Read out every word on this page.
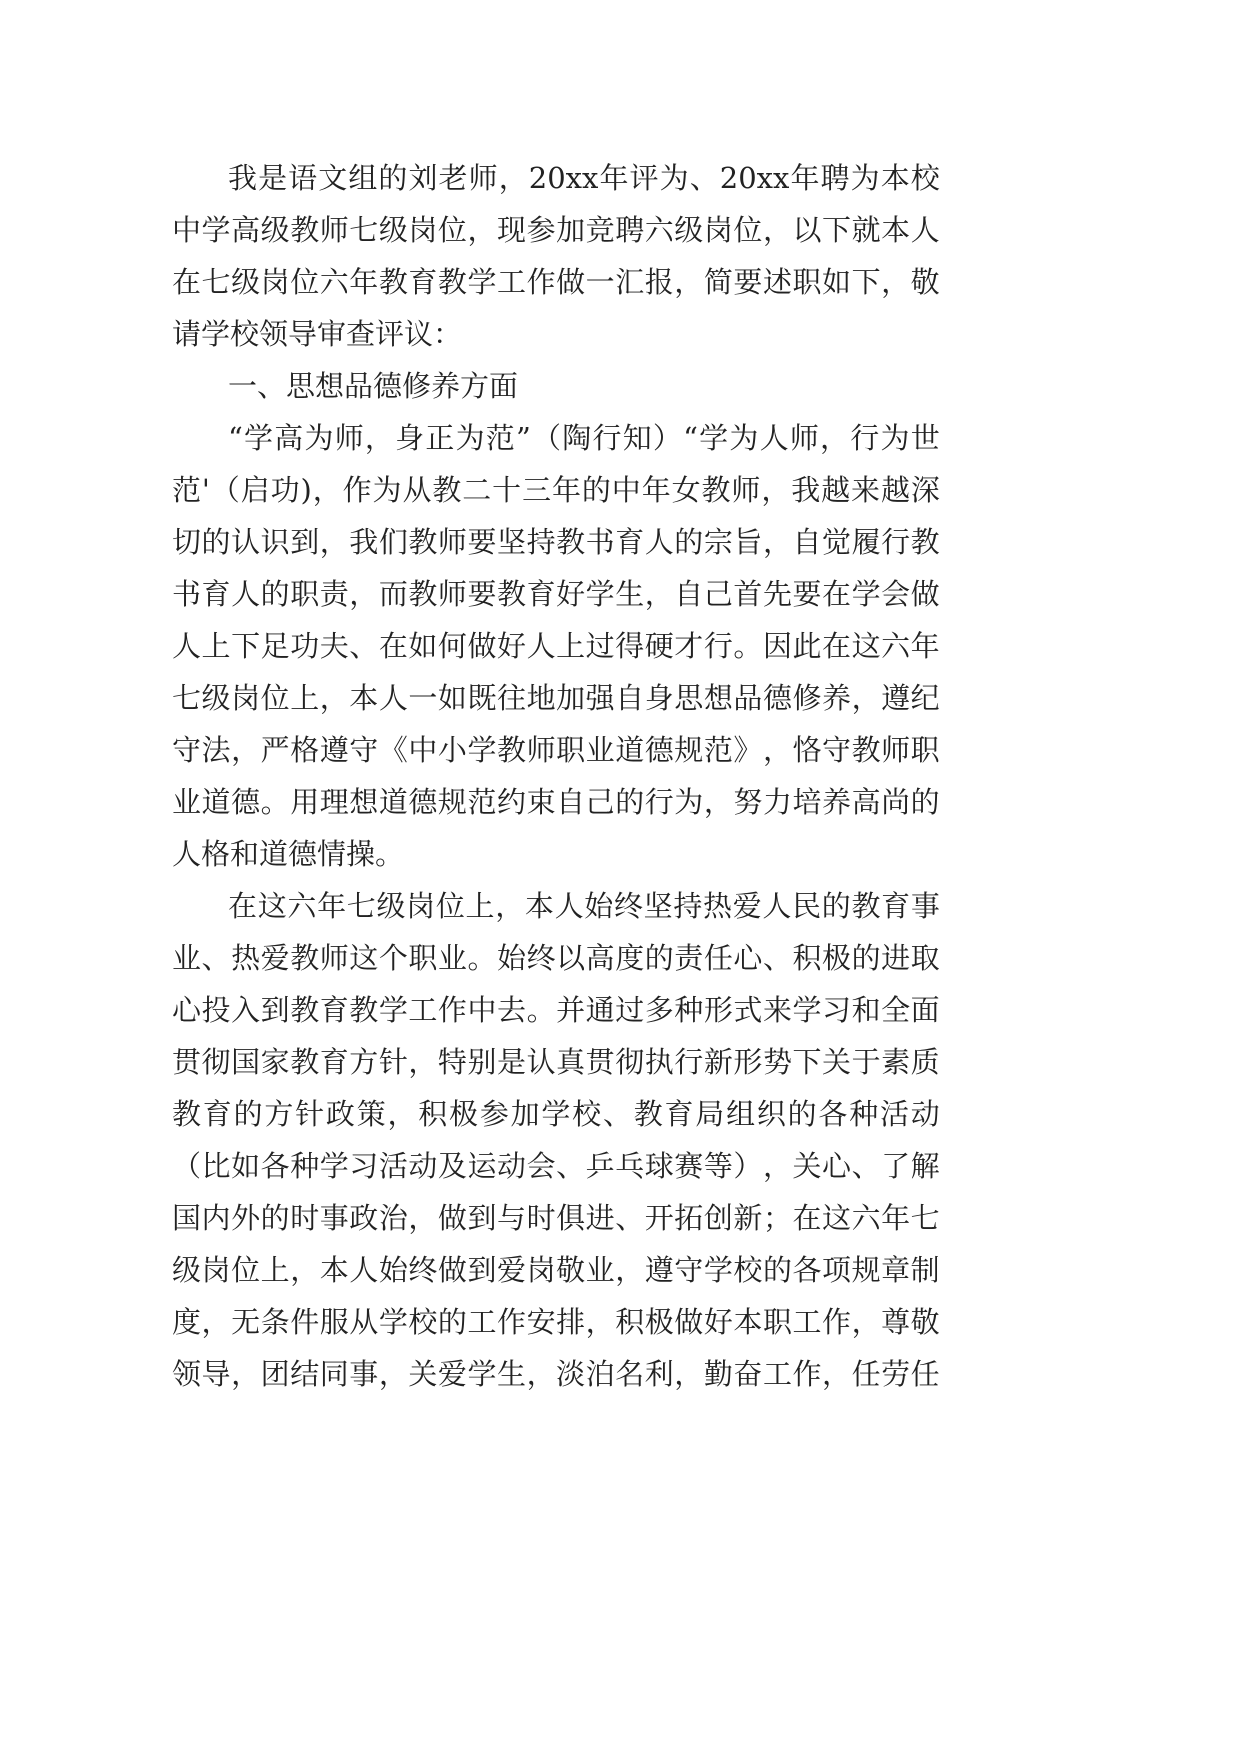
我 是 语 文 组 的 刘 老 师 ， 20xx 年 评 为 、 20xx 年 聘 为 本 校
中 学 高 级 教 师 七 级 岗 位 ， 现 参 加 竞 聘 六 级 岗 位 ， 以 下 就 本 人
在 七 级 岗 位 六 年 教 育 教 学 工 作 做 一 汇 报 ， 简 要 述 职 如 下 ， 敬
请学校领导审查评议：
一、思想品德修养方面
“ 学 高 为 师 ， 身 正 为 范 ” （ 陶 行 知 ） “ 学 为 人 师 ， 行 为 世
范 ' （ 启 功 ) ， 作 为 从 教 二 十 三 年 的 中 年 女 教 师 ， 我 越 来 越 深
切 的 认 识 到 ， 我 们 教 师 要 坚 持 教 书 育 人 的 宗 旨 ， 自 觉 履 行 教
书 育 人 的 职 责 ， 而 教 师 要 教 育 好 学 生 ， 自 己 首 先 要 在 学 会 做
人 上 下 足 功 夫 、 在 如 何 做 好 人 上 过 得 硬 才 行 。 因 此 在 这 六 年
七 级 岗 位 上 ， 本 人 一 如 既 往 地 加 强 自 身 思 想 品 德 修 养 ， 遵 纪
守 法 ， 严 格 遵 守 《 中 小 学 教 师 职 业 道 德 规 范 》 ， 恪 守 教 师 职
业 道 德 。 用 理 想 道 德 规 范 约 束 自 己 的 行 为 ， 努 力 培 养 高 尚 的
人格和道德情操。
在 这 六 年 七 级 岗 位 上 ， 本 人 始 终 坚 持 热 爱 人 民 的 教 育 事
业 、 热 爱 教 师 这 个 职 业 。 始 终 以 高 度 的 责 任 心 、 积 极 的 进 取
心 投 入 到 教 育 教 学 工 作 中 去 。 并 通 过 多 种 形 式 来 学 习 和 全 面
贯 彻 国 家 教 育 方 针 ， 特 别 是 认 真 贯 彻 执 行 新 形 势 下 关 于 素 质
教 育 的 方 针 政 策 ， 积 极 参 加 学 校 、 教 育 局 组 织 的 各 种 活 动
（ 比 如 各 种 学 习 活 动 及 运 动 会 、 乒 乓 球 赛 等 ） ， 关 心 、 了 解
国 内 外 的 时 事 政 治 ， 做 到 与 时 俱 进 、 开 拓 创 新 ； 在 这 六 年 七
级 岗 位 上 ， 本 人 始 终 做 到 爱 岗 敬 业 ， 遵 守 学 校 的 各 项 规 章 制
度 ， 无 条 件 服 从 学 校 的 工 作 安 排 ， 积 极 做 好 本 职 工 作 ， 尊 敬
领 导 ， 团 结 同 事 ， 关 爱 学 生 ， 淡 泊 名 利 ， 勤 奋 工 作 ， 任 劳 任
